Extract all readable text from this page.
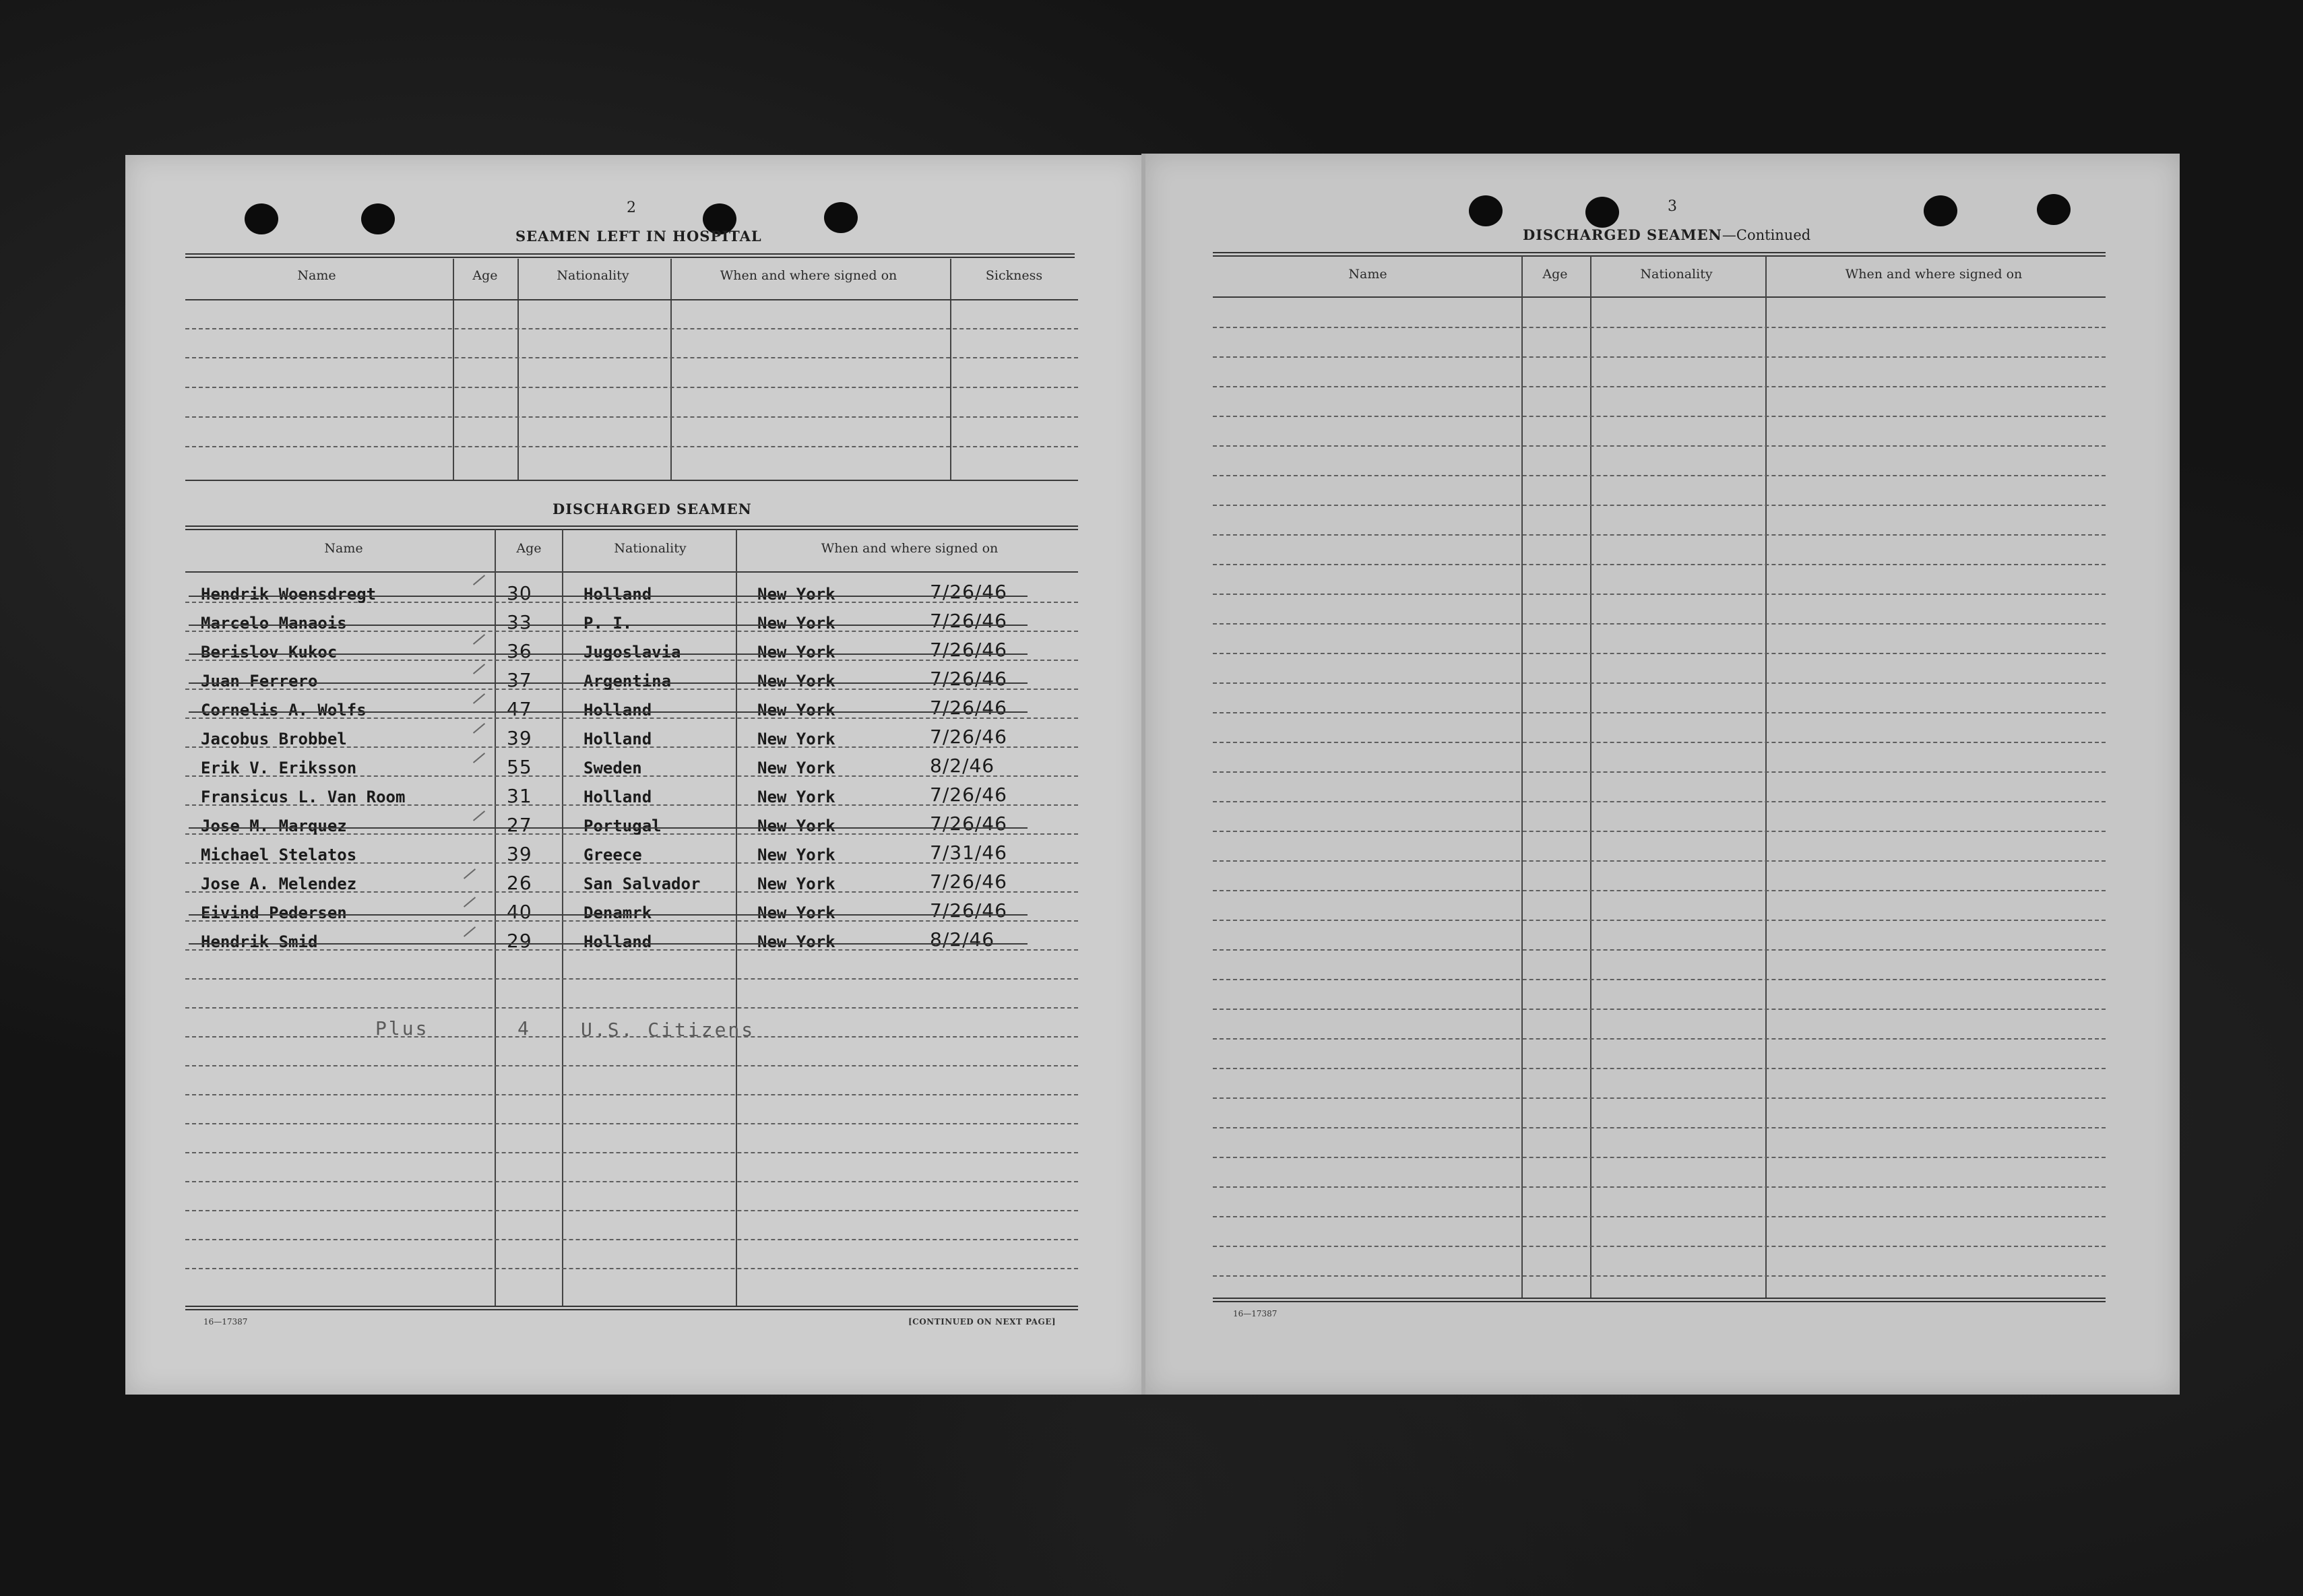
2
SEAMEN LEFT IN HOSPITAL
Name	Age	Nationality	When and where signed on	Sickness
DISCHARGED SEAMEN
Name	Age	Nationality	When and where signed on
Hendrik Woensdregt	30	Holland	New York	7/26/46
Marcelo Manaois	33	P. I.	New York	7/26/46
Berislov Kukoc	36	Jugoslavia	New York	7/26/46
Juan Ferrero	37	Argentina	New York	7/26/46
Cornelis A. Wolfs	47	Holland	New York	7/26/46
Jacobus Brobbel	39	Holland	New York	7/26/46
Erik V. Eriksson	55	Sweden	New York	8/2/46
Fransicus L. Van Room	31	Holland	New York	7/26/46
Jose M. Marquez	27	Portugal	New York	7/26/46
Michael Stelatos	39	Greece	New York	7/31/46
Jose A. Melendez	26	San Salvador	New York	7/26/46
Eivind Pedersen	40	Denamrk	New York	7/26/46
Hendrik Smid	29	Holland	New York	8/2/46
Plus	4	U.S. Citizens
16—17387	[CONTINUED ON NEXT PAGE]
3
DISCHARGED SEAMEN—Continued
Name	Age	Nationality	When and where signed on
16—17387
